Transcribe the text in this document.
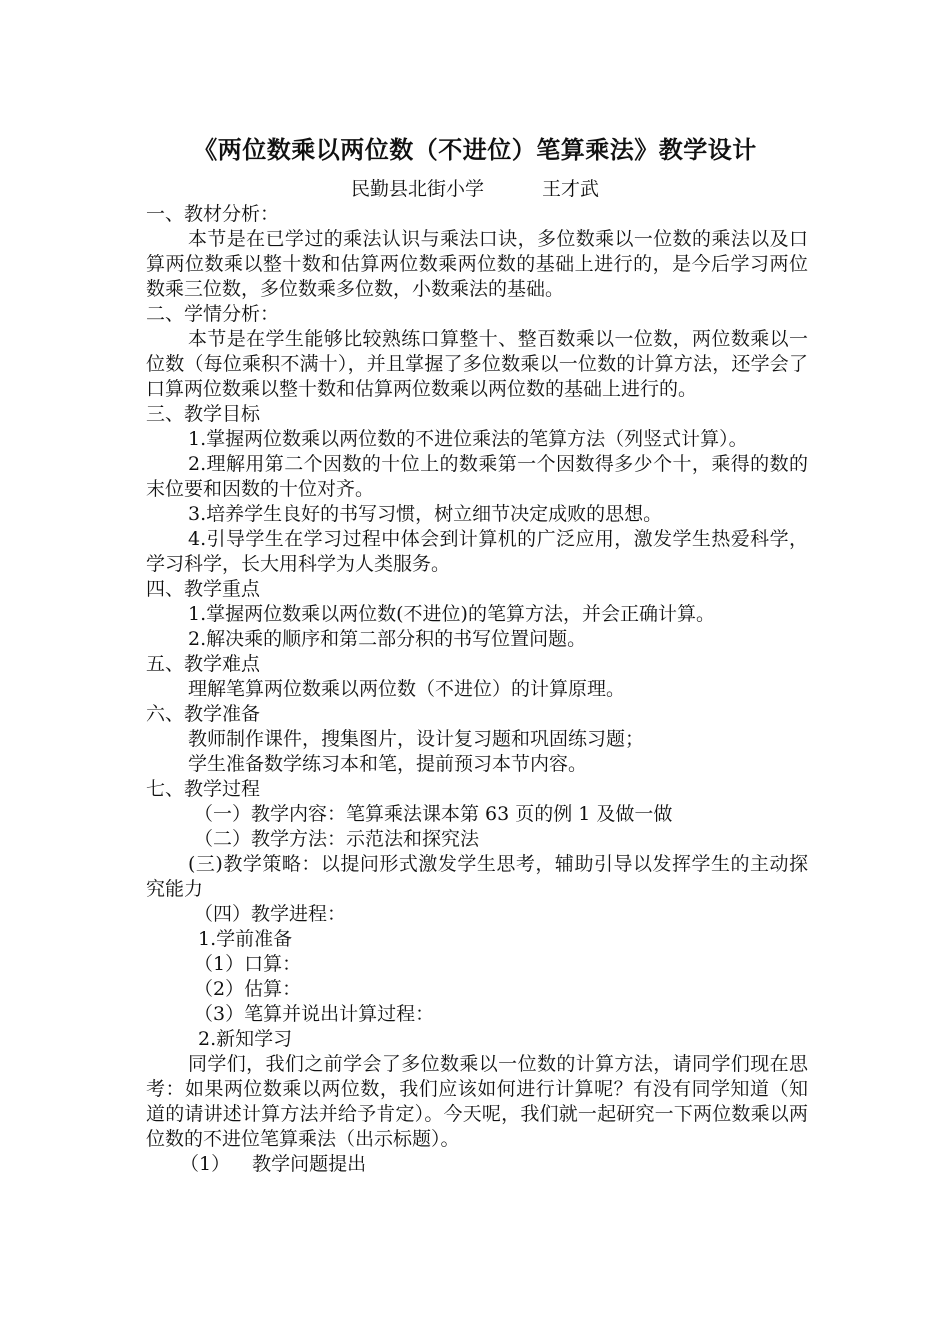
《两位数乘以两位数（不进位）笔算乘法》教学设计
民勤县北街小学	王才武
一、教材分析：
本节是在已学过的乘法认识与乘法口诀，多位数乘以一位数的乘法以及口算两位数乘以整十数和估算两位数乘两位数的基础上进行的，是今后学习两位数乘三位数，多位数乘多位数，小数乘法的基础。
二、学情分析：
本节是在学生能够比较熟练口算整十、整百数乘以一位数，两位数乘以一位数（每位乘积不满十），并且掌握了多位数乘以一位数的计算方法，还学会了口算两位数乘以整十数和估算两位数乘以两位数的基础上进行的。
三、教学目标
1.掌握两位数乘以两位数的不进位乘法的笔算方法（列竖式计算）。
2.理解用第二个因数的十位上的数乘第一个因数得多少个十，乘得的数的末位要和因数的十位对齐。
3.培养学生良好的书写习惯，树立细节决定成败的思想。
4.引导学生在学习过程中体会到计算机的广泛应用，激发学生热爱科学，学习科学，长大用科学为人类服务。
四、教学重点
1.掌握两位数乘以两位数(不进位)的笔算方法，并会正确计算。
2.解决乘的顺序和第二部分积的书写位置问题。
五、教学难点
理解笔算两位数乘以两位数（不进位）的计算原理。
六、教学准备
教师制作课件，搜集图片，设计复习题和巩固练习题；
学生准备数学练习本和笔，提前预习本节内容。
七、教学过程
（一）教学内容：笔算乘法课本第 63 页的例 1 及做一做
（二）教学方法：示范法和探究法
(三)教学策略：以提问形式激发学生思考，辅助引导以发挥学生的主动探究能力
（四）教学进程：
1.学前准备
（1）口算：
（2）估算：
（3）笔算并说出计算过程：
2.新知学习
同学们，我们之前学会了多位数乘以一位数的计算方法，请同学们现在思考：如果两位数乘以两位数，我们应该如何进行计算呢？有没有同学知道（知道的请讲述计算方法并给予肯定）。今天呢，我们就一起研究一下两位数乘以两位数的不进位笔算乘法（出示标题）。
（1） 教学问题提出
